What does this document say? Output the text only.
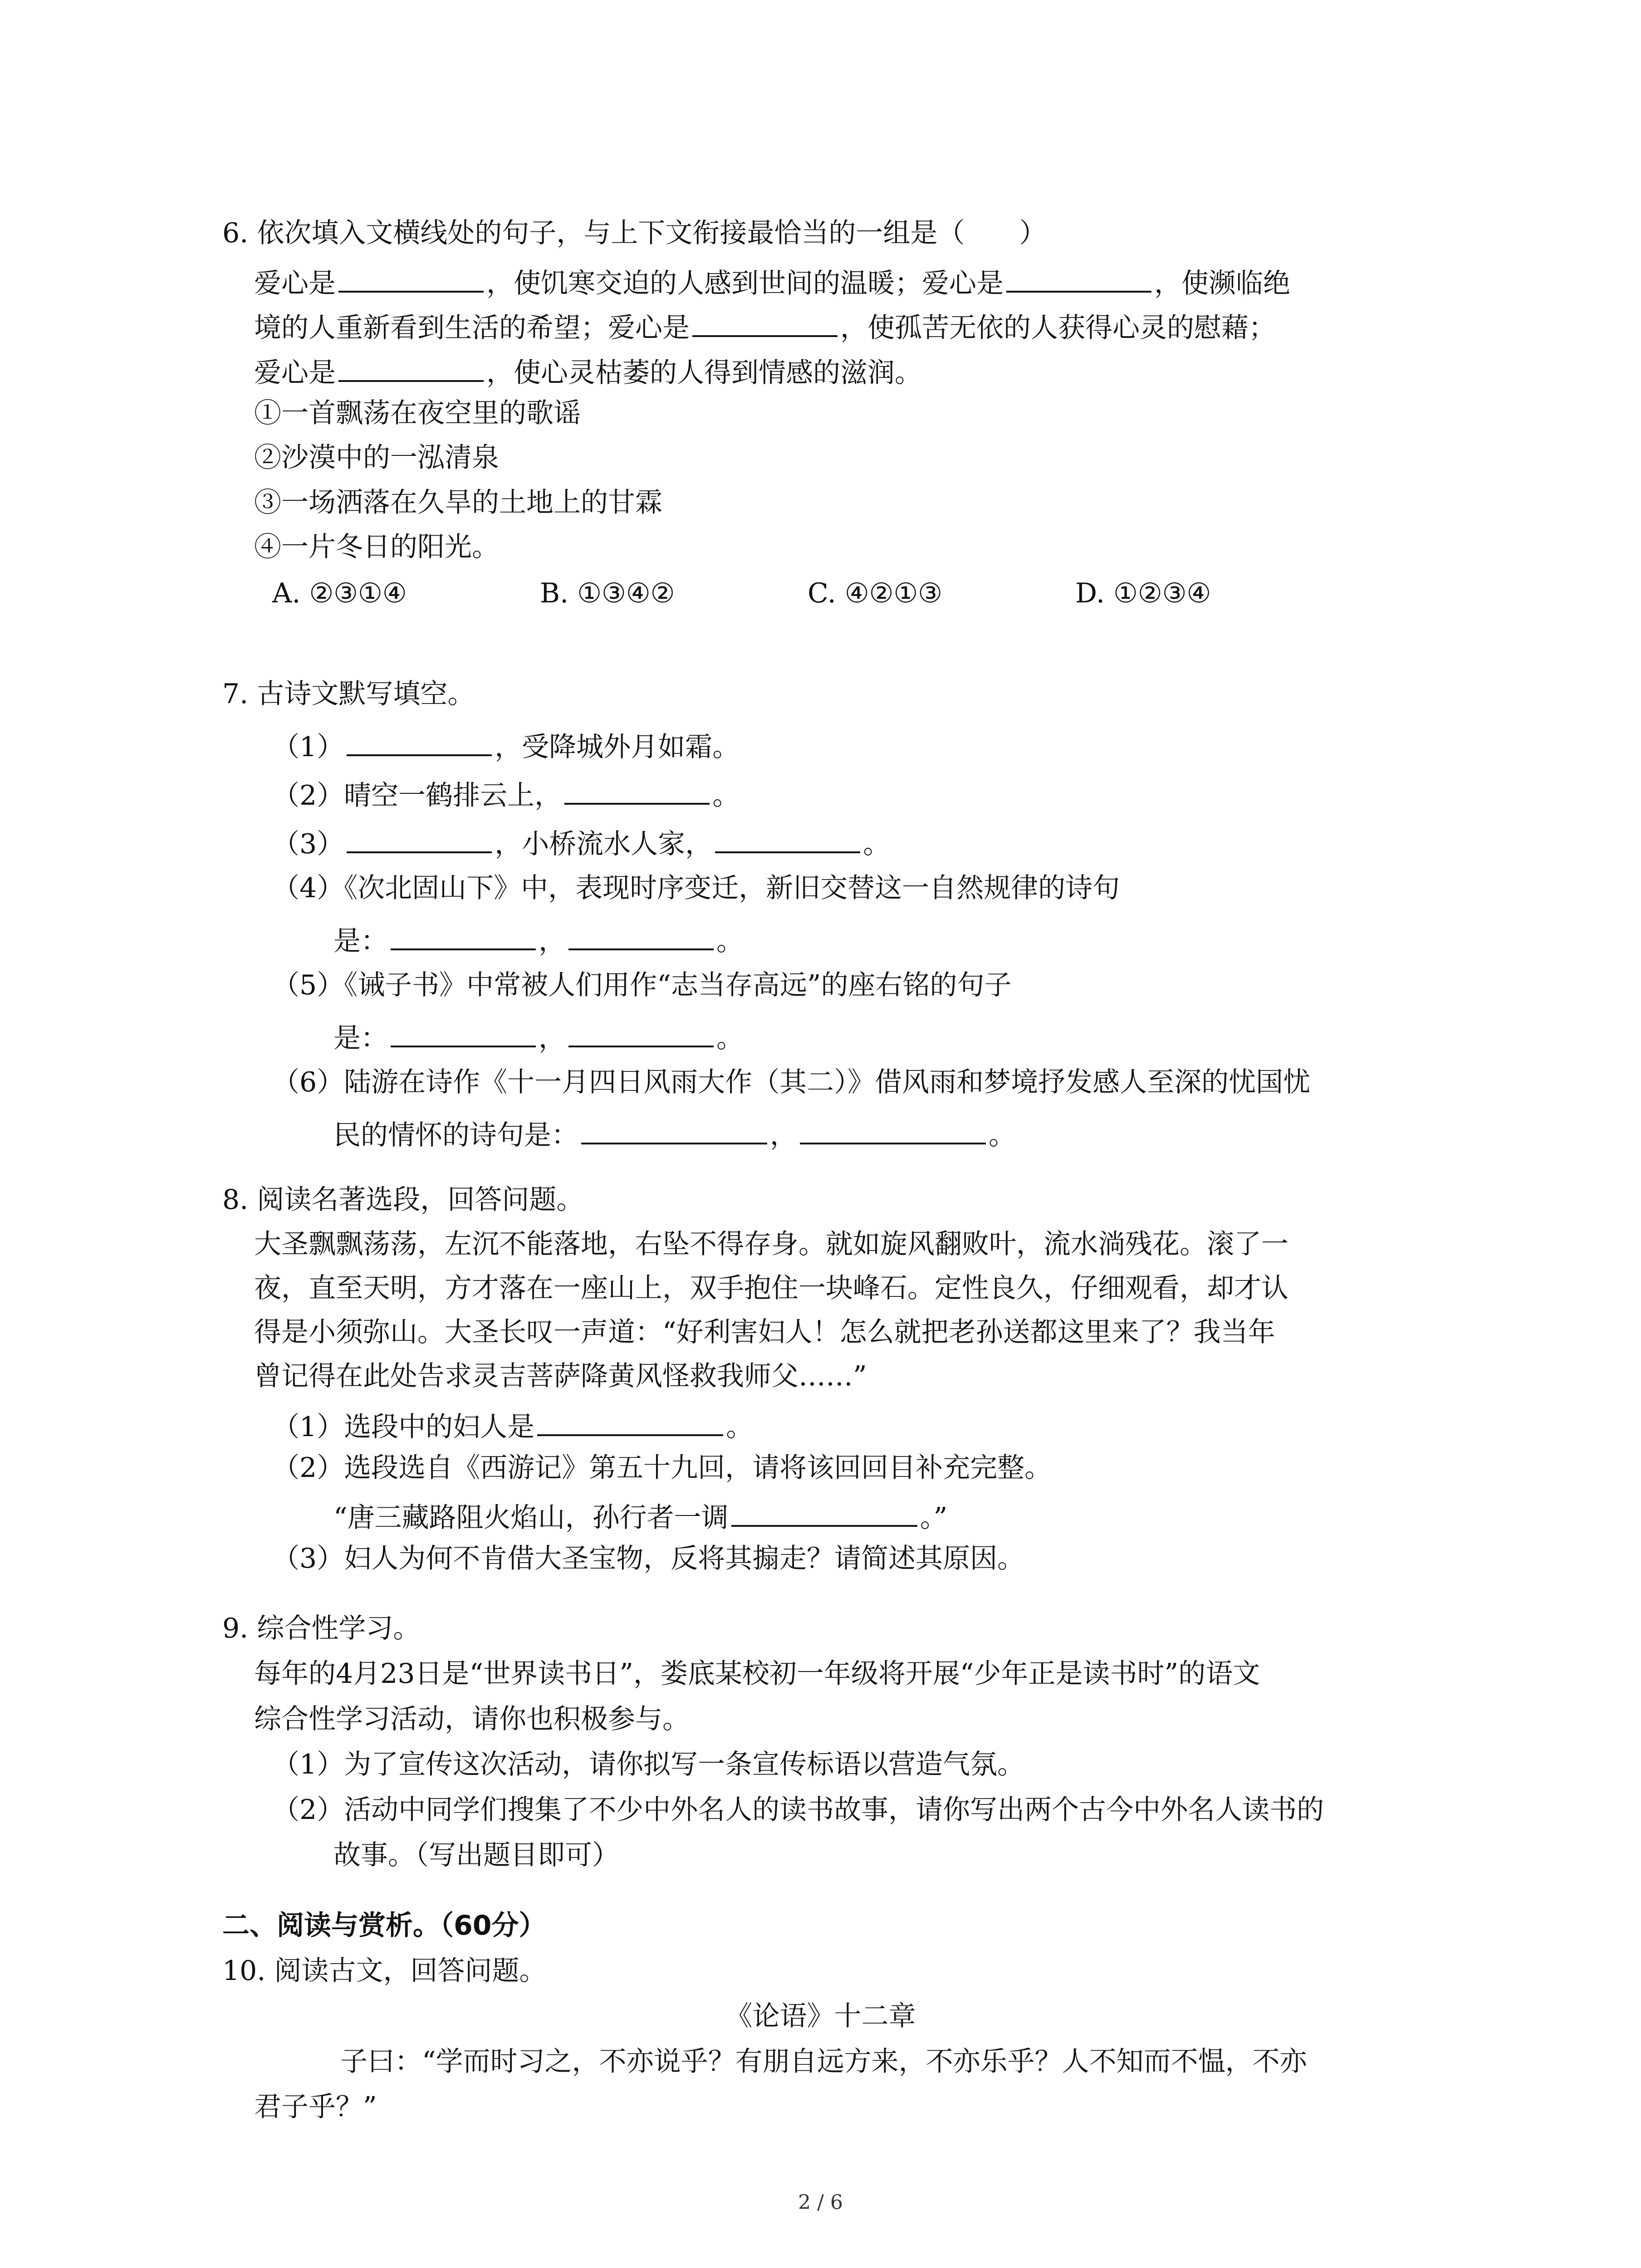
6. 依次填入文横线处的句子，与上下文衔接最恰当的一组是（　　）
爱心是	，使饥寒交迫的人感到世间的温暖；爱心是	，使濒临绝
境的人重新看到生活的希望；爱心是	，使孤苦无依的人获得心灵的慰藉；
爱心是	，使心灵枯萎的人得到情感的滋润。
①一首飘荡在夜空里的歌谣
②沙漠中的一泓清泉
③一场洒落在久旱的土地上的甘霖
④一片冬日的阳光。
A. ②③①④	B. ①③④②	C. ④②①③	D. ①②③④
7. 古诗文默写填空。
（1）	，受降城外月如霜。
（2）晴空一鹤排云上，	。
（3）	，小桥流水人家，	。
（4）《次北固山下》中，表现时序变迁，新旧交替这一自然规律的诗句
是：	，	。
（5）《诫子书》中常被人们用作“志当存高远”的座右铭的句子
是：	，	。
（6）陆游在诗作《十一月四日风雨大作（其二）》借风雨和梦境抒发感人至深的忧国忧
民的情怀的诗句是：	，	。
8. 阅读名著选段，回答问题。
大圣飘飘荡荡，左沉不能落地，右坠不得存身。就如旋风翻败叶，流水淌残花。滚了一
夜，直至天明，方才落在一座山上，双手抱住一块峰石。定性良久，仔细观看，却才认
得是小须弥山。大圣长叹一声道：“好利害妇人！怎么就把老孙送都这里来了？我当年
曾记得在此处告求灵吉菩萨降黄风怪救我师父……”
（1）选段中的妇人是	。
（2）选段选自《西游记》第五十九回，请将该回回目补充完整。
“唐三藏路阻火焰山，孙行者一调	。”
（3）妇人为何不肯借大圣宝物，反将其搧走？请简述其原因。
9. 综合性学习。
每年的4月23日是“世界读书日”，娄底某校初一年级将开展“少年正是读书时”的语文
综合性学习活动，请你也积极参与。
（1）为了宣传这次活动，请你拟写一条宣传标语以营造气氛。
（2）活动中同学们搜集了不少中外名人的读书故事，请你写出两个古今中外名人读书的
故事。（写出题目即可）
二、阅读与赏析。（60分）
10. 阅读古文，回答问题。
《论语》十二章
子曰：“学而时习之，不亦说乎？有朋自远方来，不亦乐乎？人不知而不愠，不亦
君子乎？”
2 / 6
